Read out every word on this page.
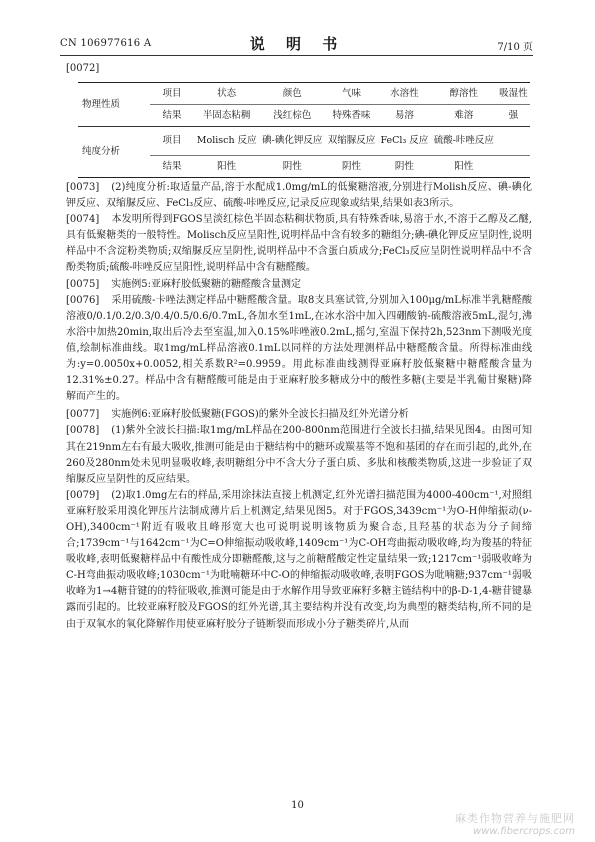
CN 106977616 A	说 明 书	7/10 页
[0072]
物理性质	项目	状态	颜色	气味	水溶性	醇溶性	吸湿性
	结果	半固态粘稠	浅红棕色	特殊香味	易溶	难溶	强
纯度分析	项目	Molisch 反应	碘-碘化钾反应	双缩脲反应	FeCl₃ 反应	硫酸-咔唑反应	
	结果	阳性	阴性	阴性	阴性	阳性	

[0073] (2)纯度分析:取适量产品,溶于水配成1.0mg/mL的低聚糖溶液,分别进行Molish反应、碘-碘化钾反应、双缩脲反应、FeCl₃反应、硫酸-咔唑反应,记录反应现象或结果,结果如表3所示。

[0074] 本发明所得到FGOS呈淡红棕色半固态粘稠状物质,具有特殊香味,易溶于水,不溶于乙醇及乙醚,具有低聚糖类的一般特性。Molisch反应呈阳性,说明样品中含有较多的糖组分;碘-碘化钾反应呈阴性,说明样品中不含淀粉类物质;双缩脲反应呈阴性,说明样品中不含蛋白质成分;FeCl₃反应呈阴性说明样品中不含酚类物质;硫酸-咔唑反应呈阳性,说明样品中含有糖醛酸。

[0075] 实施例5:亚麻籽胶低聚糖的糖醛酸含量测定

[0076] 采用硫酸-卡唑法测定样品中糖醛酸含量。取8支具塞试管,分别加入100μg/mL标准半乳糖醛酸溶液0/0.1/0.2/0.3/0.4/0.5/0.6/0.7mL,各加水至1mL,在冰水浴中加入四硼酸钠-硫酸溶液5mL,混匀,沸水浴中加热20min,取出后冷去至室温,加入0.15%咔唑液0.2mL,摇匀,室温下保持2h,523nm下测吸光度值,绘制标准曲线。取1mg/mL样品溶液0.1mL以同样的方法处理测样品中糖醛酸含量。所得标准曲线为:y=0.0050x+0.0052,相关系数R²=0.9959。用此标准曲线测得亚麻籽胶低聚糖中糖醛酸含量为12.31%±0.27。样品中含有糖醛酸可能是由于亚麻籽胶多糖成分中的酸性多糖(主要是半乳葡甘聚糖)降解而产生的。

[0077] 实施例6:亚麻籽胶低聚糖(FGOS)的紫外全波长扫描及红外光谱分析

[0078] (1)紫外全波长扫描:取1mg/mL样品在200-800nm范围进行全波长扫描,结果见图4。由图可知其在219nm左右有最大吸收,推测可能是由于糖结构中的糖环或羰基等不饱和基团的存在而引起的,此外,在260及280nm处未见明显吸收峰,表明糖组分中不含大分子蛋白质、多肽和核酸类物质,这进一步验证了双缩脲反应呈阴性的反应结果。

[0079] (2)取1.0mg左右的样品,采用涂抹法直接上机测定,红外光谱扫描范围为4000-400cm⁻¹,对照组亚麻籽胶采用溴化钾压片法制成薄片后上机测定,结果见图5。对于FGOS,3439cm⁻¹为O-H伸缩振动(ν-OH),3400cm⁻¹附近有吸收且峰形宽大也可说明说明该物质为聚合态,且羟基的状态为分子间缔合;1739cm⁻¹与1642cm⁻¹为C=O伸缩振动吸收峰,1409cm⁻¹为C-OH弯曲振动吸收峰,均为羧基的特征吸收峰,表明低聚糖样品中有酸性成分即糖醛酸,这与之前糖醛酸定性定量结果一致;1217cm⁻¹弱吸收峰为C-H弯曲振动吸收峰;1030cm⁻¹为吡喃糖环中C-O的伸缩振动吸收峰,表明FGOS为吡喃糖;937cm⁻¹弱吸收峰为1→4糖苷键的的特征吸收,推测可能是由于水解作用导致亚麻籽多糖主链结构中的β-D-1,4-糖苷键暴露而引起的。比较亚麻籽胶及FGOS的红外光谱,其主要结构并没有改变,均为典型的糖类结构,所不同的是由于双氧水的氧化降解作用使亚麻籽胶分子链断裂而形成小分子糖类碎片,从而

10
麻类作物营养与施肥网
www.fibercrops.com
